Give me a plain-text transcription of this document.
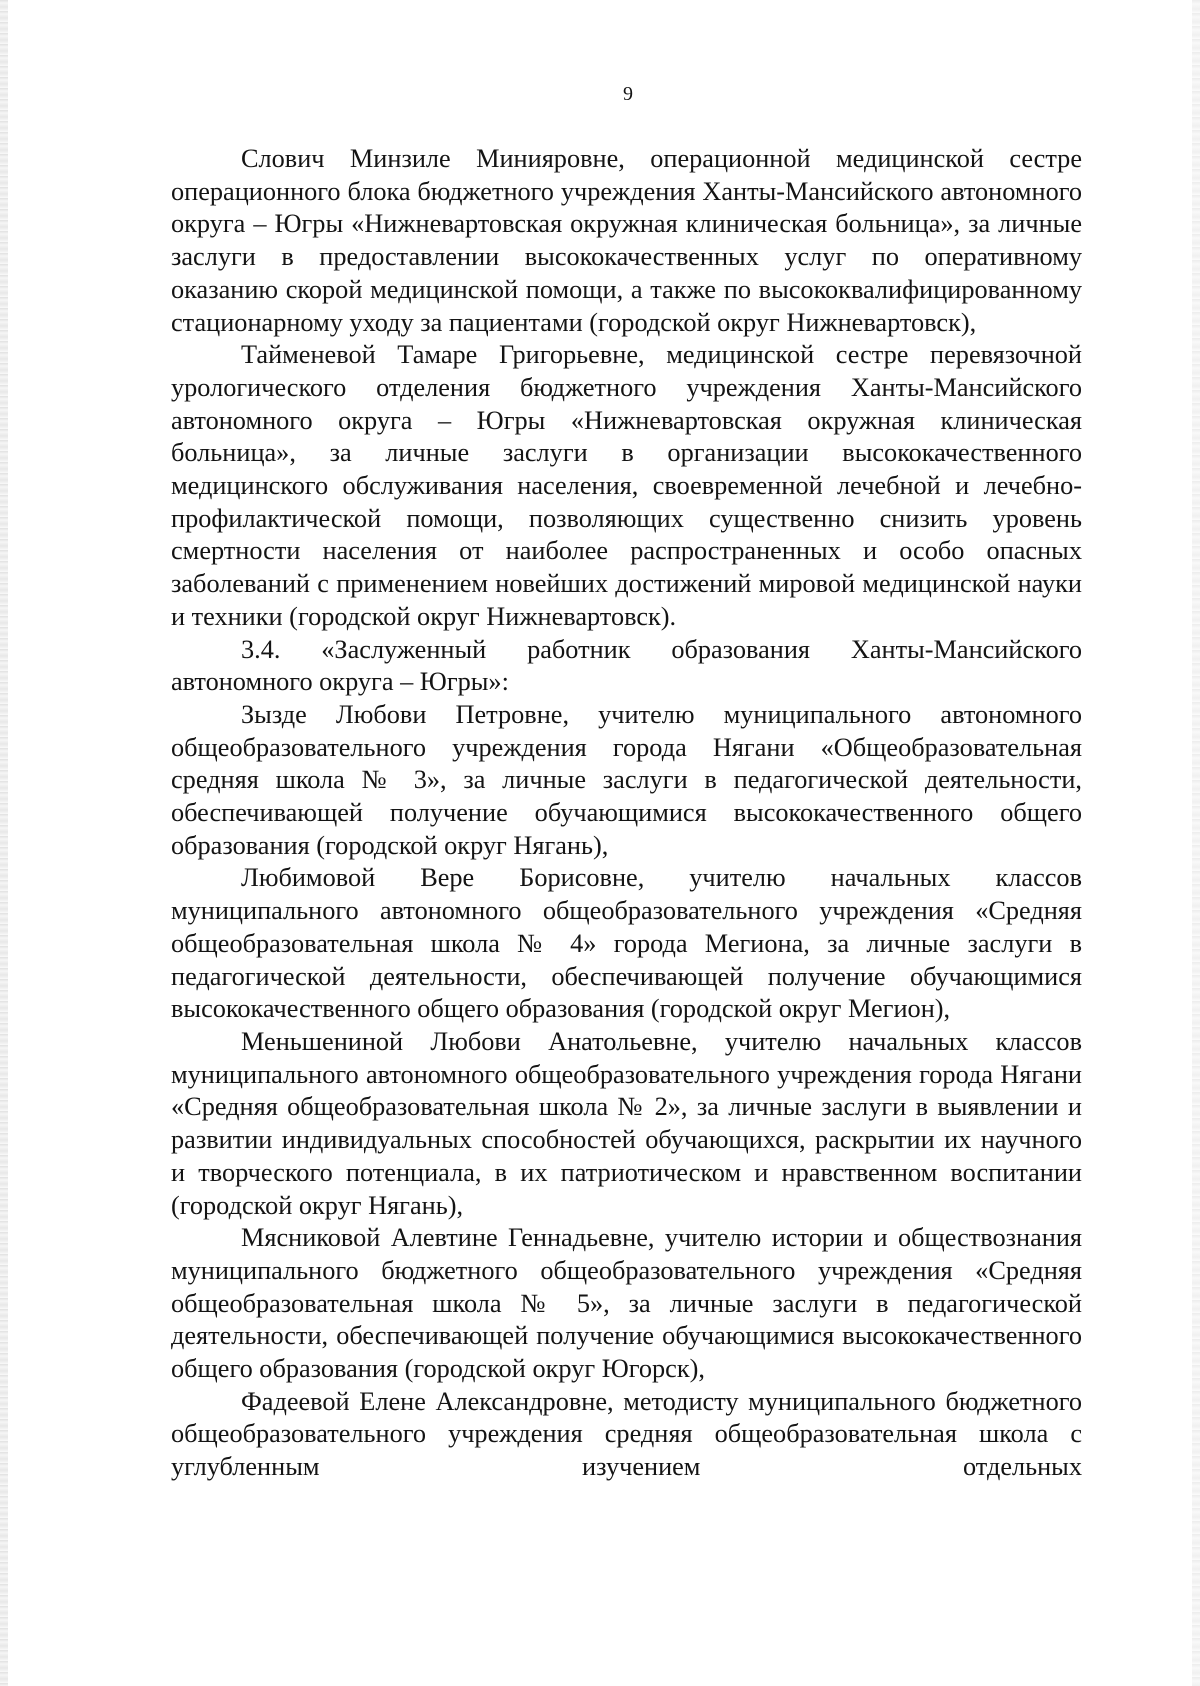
9

Слович Минзиле Минияровне, операционной медицинской сестре операционного блока бюджетного учреждения Ханты-Мансийского автономного округа – Югры «Нижневартовская окружная клиническая больница», за личные заслуги в предоставлении высококачественных услуг по оперативному оказанию скорой медицинской помощи, а также по высококвалифицированному стационарному уходу за пациентами (городской округ Нижневартовск),

Тайменевой Тамаре Григорьевне, медицинской сестре перевязочной урологического отделения бюджетного учреждения Ханты-Мансийского автономного округа – Югры «Нижневартовская окружная клиническая больница», за личные заслуги в организации высококачественного медицинского обслуживания населения, своевременной лечебной и лечебно-профилактической помощи, позволяющих существенно снизить уровень смертности населения от наиболее распространенных и особо опасных заболеваний с применением новейших достижений мировой медицинской науки и техники (городской округ Нижневартовск).

3.4. «Заслуженный работник образования Ханты-Мансийского автономного округа – Югры»:

Зызде Любови Петровне, учителю муниципального автономного общеобразовательного учреждения города Нягани «Общеобразовательная средняя школа № 3», за личные заслуги в педагогической деятельности, обеспечивающей получение обучающимися высококачественного общего образования (городской округ Нягань),

Любимовой Вере Борисовне, учителю начальных классов муниципального автономного общеобразовательного учреждения «Средняя общеобразовательная школа № 4» города Мегиона, за личные заслуги в педагогической деятельности, обеспечивающей получение обучающимися высококачественного общего образования (городской округ Мегион),

Меньшениной Любови Анатольевне, учителю начальных классов муниципального автономного общеобразовательного учреждения города Нягани «Средняя общеобразовательная школа № 2», за личные заслуги в выявлении и развитии индивидуальных способностей обучающихся, раскрытии их научного и творческого потенциала, в их патриотическом и нравственном воспитании (городской округ Нягань),

Мясниковой Алевтине Геннадьевне, учителю истории и обществознания муниципального бюджетного общеобразовательного учреждения «Средняя общеобразовательная школа № 5», за личные заслуги в педагогической деятельности, обеспечивающей получение обучающимися высококачественного общего образования (городской округ Югорск),

Фадеевой Елене Александровне, методисту муниципального бюджетного общеобразовательного учреждения средняя общеобразовательная школа с углубленным изучением отдельных
